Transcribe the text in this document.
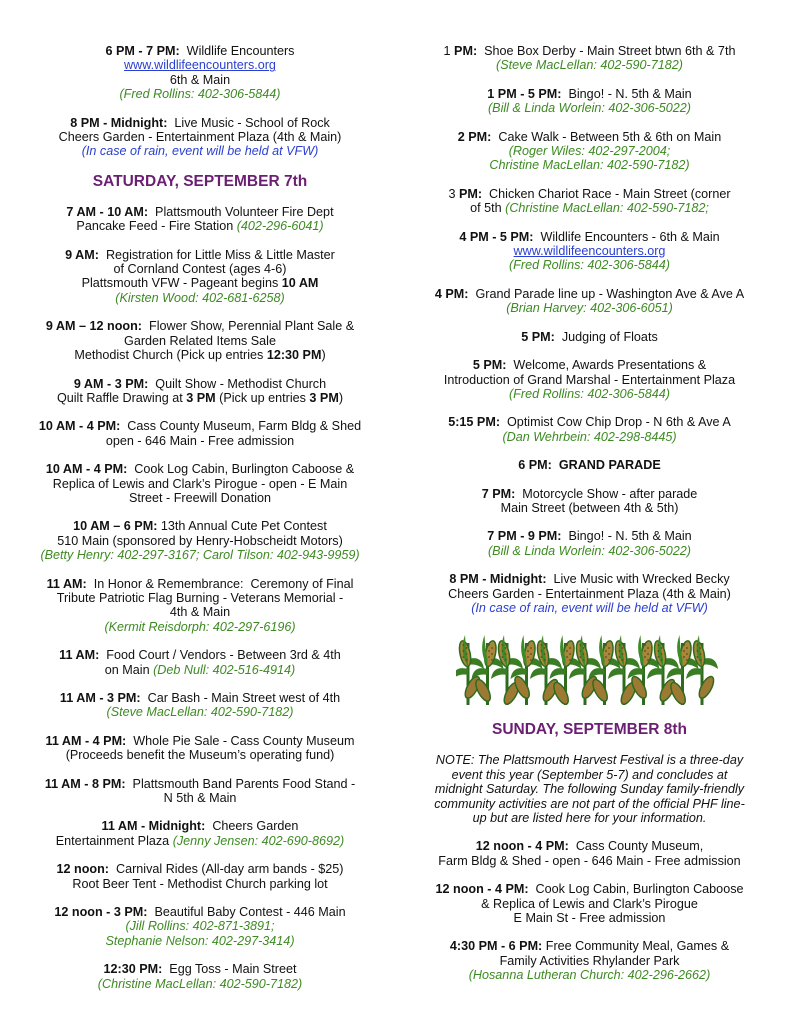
6 PM - 7 PM:  Wildlife Encounters
www.wildlifeencounters.org
6th & Main
(Fred Rollins: 402-306-5844)
8 PM - Midnight:  Live Music - School of Rock
Cheers Garden - Entertainment Plaza (4th & Main)
(In case of rain, event will be held at VFW)
SATURDAY, SEPTEMBER 7th
7 AM - 10 AM:  Plattsmouth Volunteer Fire Dept
Pancake Feed - Fire Station (402-296-6041)
9 AM:  Registration for Little Miss & Little Master
of Cornland Contest (ages 4-6)
Plattsmouth VFW - Pageant begins 10 AM
(Kirsten Wood: 402-681-6258)
9 AM – 12 noon:  Flower Show, Perennial Plant Sale &
Garden Related Items Sale
Methodist Church (Pick up entries 12:30 PM)
9 AM - 3 PM:  Quilt Show - Methodist Church
Quilt Raffle Drawing at 3 PM (Pick up entries 3 PM)
10 AM - 4 PM:  Cass County Museum, Farm Bldg & Shed
open - 646 Main - Free admission
10 AM - 4 PM:  Cook Log Cabin, Burlington Caboose &
Replica of Lewis and Clark’s Pirogue - open - E Main
Street - Freewill Donation
10 AM – 6 PM: 13th Annual Cute Pet Contest
510 Main (sponsored by Henry-Hobscheidt Motors)
(Betty Henry: 402-297-3167; Carol Tilson: 402-943-9959)
11 AM:  In Honor & Remembrance:  Ceremony of Final
Tribute Patriotic Flag Burning - Veterans Memorial -
4th & Main
(Kermit Reisdorph: 402-297-6196)
11 AM:  Food Court / Vendors - Between 3rd & 4th
on Main (Deb Null: 402-516-4914)
11 AM - 3 PM:  Car Bash - Main Street west of 4th
(Steve MacLellan: 402-590-7182)
11 AM - 4 PM:  Whole Pie Sale - Cass County Museum
(Proceeds benefit the Museum’s operating fund)
11 AM - 8 PM:  Plattsmouth Band Parents Food Stand -
N 5th & Main
11 AM - Midnight:  Cheers Garden
Entertainment Plaza (Jenny Jensen: 402-690-8692)
12 noon:  Carnival Rides (All-day arm bands - $25)
Root Beer Tent - Methodist Church parking lot
12 noon - 3 PM:  Beautiful Baby Contest - 446 Main
(Jill Rollins: 402-871-3891;
Stephanie Nelson: 402-297-3414)
12:30 PM:  Egg Toss - Main Street
(Christine MacLellan: 402-590-7182)
1 PM:  Shoe Box Derby - Main Street btwn 6th & 7th
(Steve MacLellan: 402-590-7182)
1 PM - 5 PM:  Bingo! - N. 5th & Main
(Bill & Linda Worlein: 402-306-5022)
2 PM:  Cake Walk - Between 5th & 6th on Main
(Roger Wiles: 402-297-2004;
Christine MacLellan: 402-590-7182)
3 PM:  Chicken Chariot Race - Main Street (corner
of 5th (Christine MacLellan: 402-590-7182;
4 PM - 5 PM:  Wildlife Encounters - 6th & Main
www.wildlifeencounters.org
(Fred Rollins: 402-306-5844)
4 PM:  Grand Parade line up - Washington Ave & Ave A
(Brian Harvey: 402-306-6051)
5 PM:  Judging of Floats
5 PM:  Welcome, Awards Presentations &
Introduction of Grand Marshal - Entertainment Plaza
(Fred Rollins: 402-306-5844)
5:15 PM:  Optimist Cow Chip Drop - N 6th & Ave A
(Dan Wehrbein: 402-298-8445)
6 PM:  GRAND PARADE
7 PM:  Motorcycle Show - after parade
Main Street (between 4th & 5th)
7 PM - 9 PM:  Bingo! - N. 5th & Main
(Bill & Linda Worlein: 402-306-5022)
8 PM - Midnight:  Live Music with Wrecked Becky
Cheers Garden - Entertainment Plaza (4th & Main)
(In case of rain, event will be held at VFW)
SUNDAY, SEPTEMBER 8th
NOTE: The Plattsmouth Harvest Festival is a three-day
event this year (September 5-7) and concludes at
midnight Saturday. The following Sunday family-friendly
community activities are not part of the official PHF line-
up but are listed here for your information.
12 noon - 4 PM:  Cass County Museum,
Farm Bldg & Shed - open - 646 Main - Free admission
12 noon - 4 PM:  Cook Log Cabin, Burlington Caboose
& Replica of Lewis and Clark’s Pirogue
E Main St - Free admission
4:30 PM - 6 PM: Free Community Meal, Games &
Family Activities Rhylander Park
(Hosanna Lutheran Church: 402-296-2662)
